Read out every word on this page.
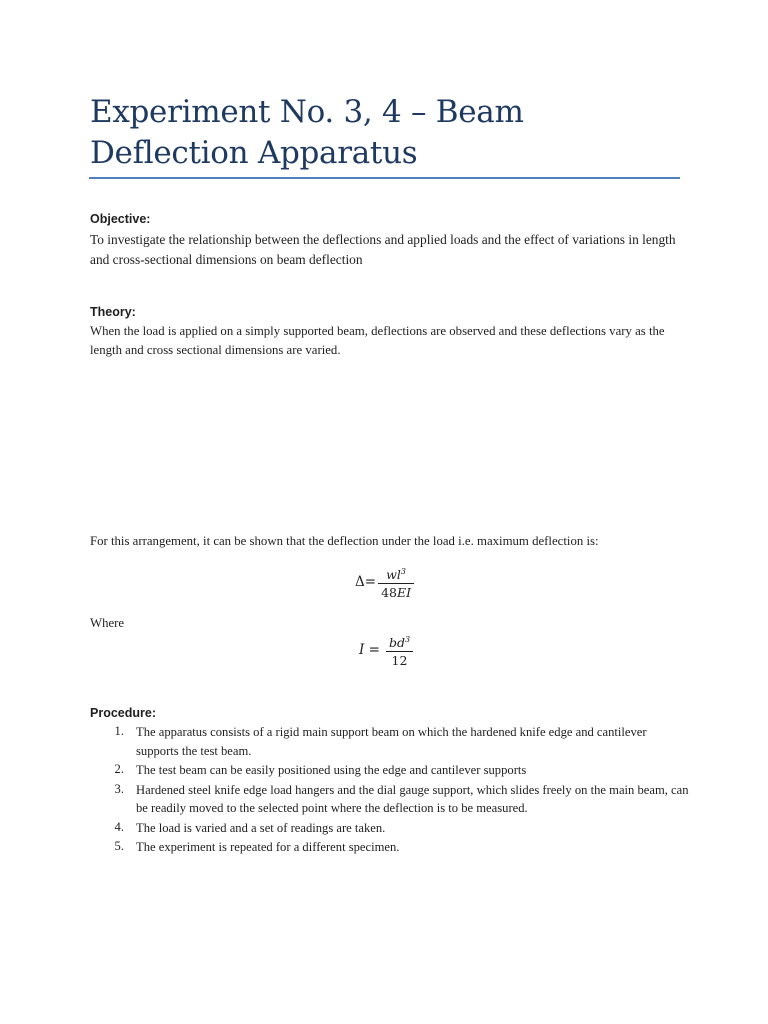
Experiment No. 3, 4 – Beam Deflection Apparatus
Objective:

To investigate the relationship between the deflections and applied loads and the effect of variations in length and cross-sectional dimensions on beam deflection

Theory:

When the load is applied on a simply supported beam, deflections are observed and these deflections vary as the length and cross sectional dimensions are varied.

For this arrangement, it can be shown that the deflection under the load i.e. maximum deflection is:

$\Delta= \frac{wl^3}{48EI}$

Where

$I = \frac{bd^3}{12}$
Procedure:
1. The apparatus consists of a rigid main support beam on which the hardened knife edge and cantilever supports the test beam.
2. The test beam can be easily positioned using the edge and cantilever supports
3. Hardened steel knife edge load hangers and the dial gauge support, which slides freely on the main beam, can be readily moved to the selected point where the deflection is to be measured.
4. The load is varied and a set of readings are taken.
5. The experiment is repeated for a different specimen.
